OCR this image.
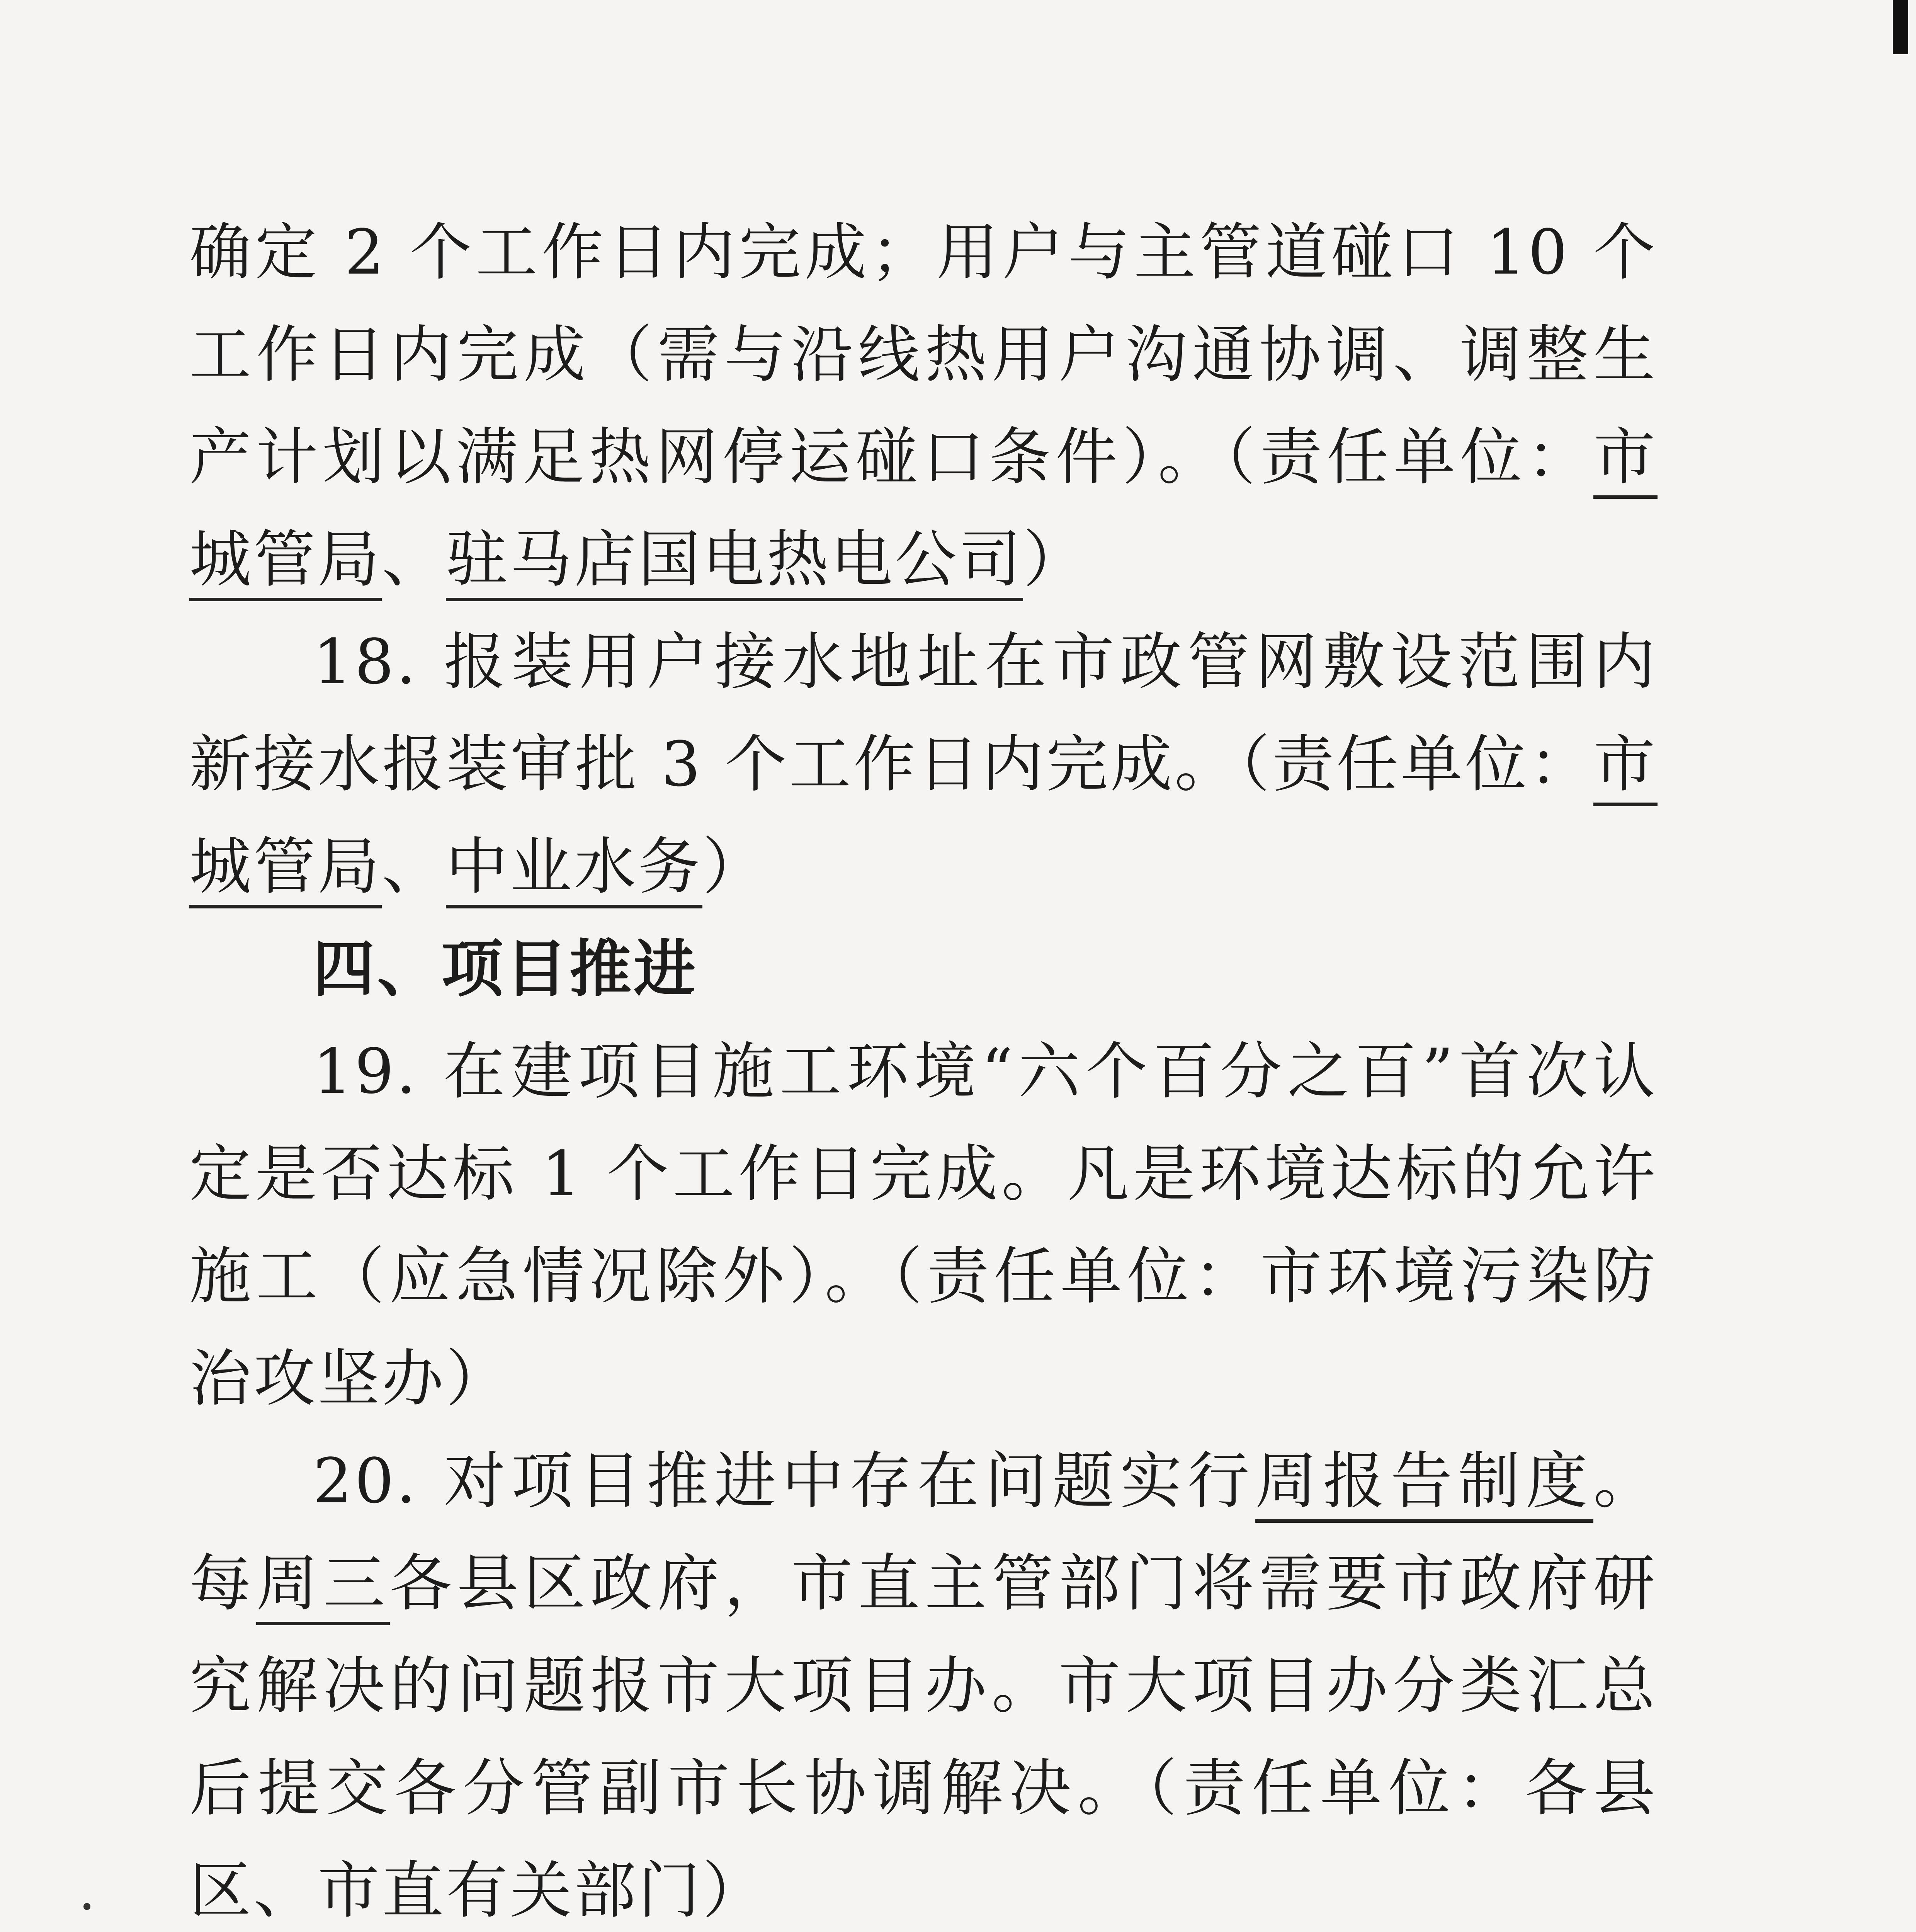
确定 2 个工作日内完成；用户与主管道碰口 10 个工作日内完成（需与沿线热用户沟通协调、调整生产计划以满足热网停运碰口条件）。（责任单位：市城管局、驻马店国电热电公司）

18. 报装用户接水地址在市政管网敷设范围内新接水报装审批 3 个工作日内完成。（责任单位：市城管局、中业水务）

四、项目推进

19. 在建项目施工环境“六个百分之百”首次认定是否达标 1 个工作日完成。凡是环境达标的允许施工（应急情况除外）。（责任单位：市环境污染防治攻坚办）

20. 对项目推进中存在问题实行周报告制度。每周三各县区政府，市直主管部门将需要市政府研究解决的问题报市大项目办。市大项目办分类汇总后提交各分管副市长协调解决。（责任单位：各县区、市直有关部门）
